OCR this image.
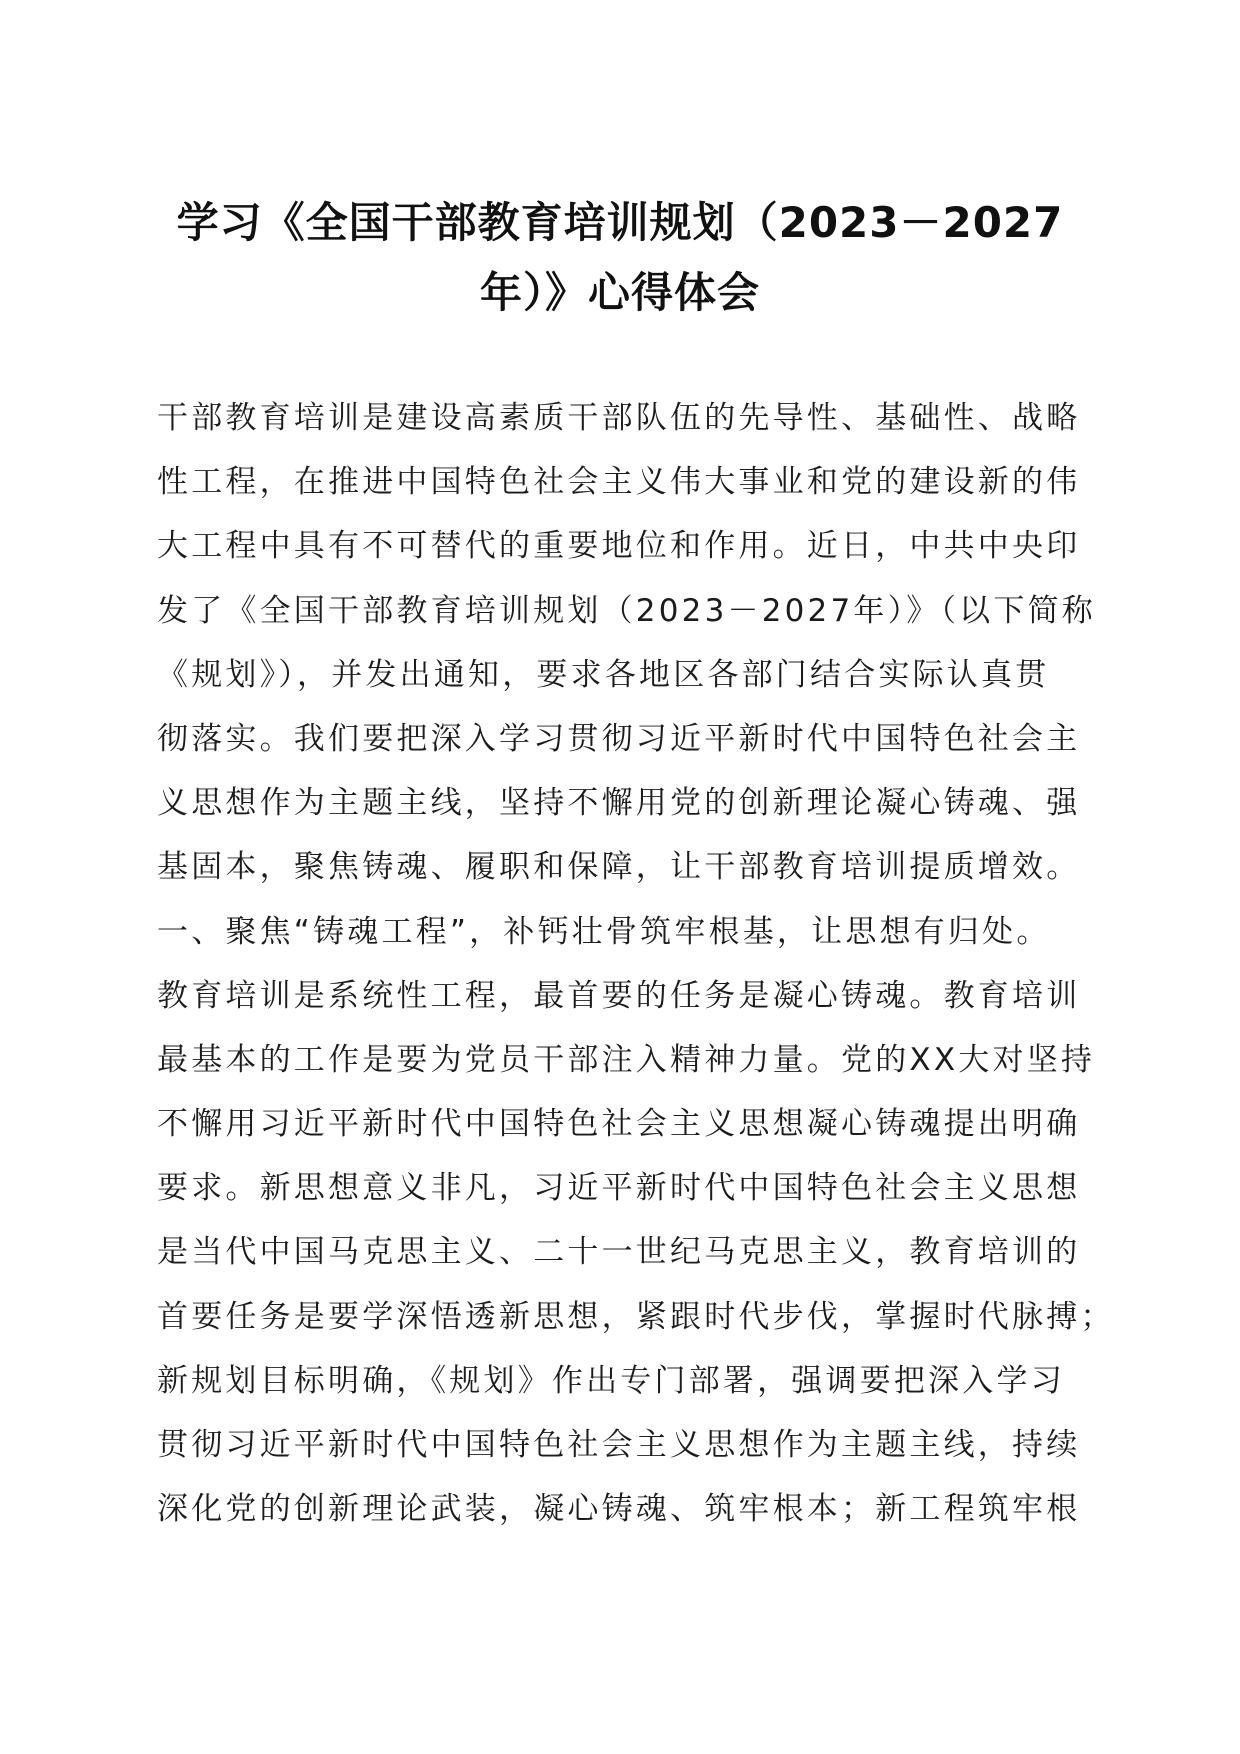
学习《全国干部教育培训规划（2023－2027
年）》心得体会
干部教育培训是建设高素质干部队伍的先导性、基础性、战略
性工程，在推进中国特色社会主义伟大事业和党的建设新的伟
大工程中具有不可替代的重要地位和作用。近日，中共中央印
发了《全国干部教育培训规划（2023－2027年）》（以下简称
《规划》），并发出通知，要求各地区各部门结合实际认真贯
彻落实。我们要把深入学习贯彻习近平新时代中国特色社会主
义思想作为主题主线，坚持不懈用党的创新理论凝心铸魂、强
基固本，聚焦铸魂、履职和保障，让干部教育培训提质增效。
一、聚焦“铸魂工程”，补钙壮骨筑牢根基，让思想有归处。
教育培训是系统性工程，最首要的任务是凝心铸魂。教育培训
最基本的工作是要为党员干部注入精神力量。党的XX大对坚持
不懈用习近平新时代中国特色社会主义思想凝心铸魂提出明确
要求。新思想意义非凡，习近平新时代中国特色社会主义思想
是当代中国马克思主义、二十一世纪马克思主义，教育培训的
首要任务是要学深悟透新思想，紧跟时代步伐，掌握时代脉搏；
新规划目标明确，《规划》作出专门部署，强调要把深入学习
贯彻习近平新时代中国特色社会主义思想作为主题主线，持续
深化党的创新理论武装，凝心铸魂、筑牢根本；新工程筑牢根
